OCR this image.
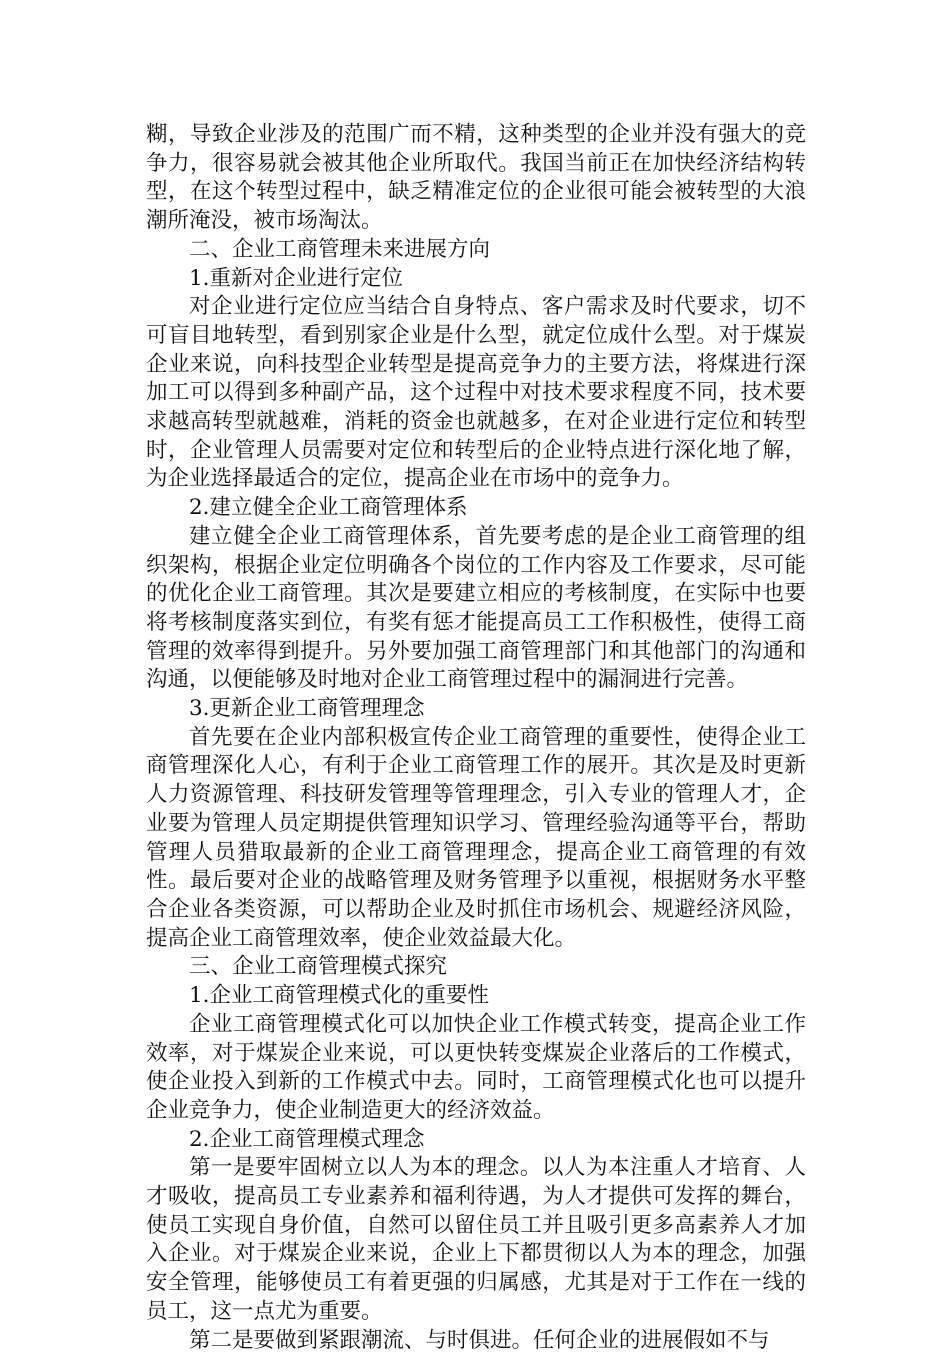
糊，导致企业涉及的范围广而不精，这种类型的企业并没有强大的竞争力，很容易就会被其他企业所取代。我国当前正在加快经济结构转型，在这个转型过程中，缺乏精准定位的企业很可能会被转型的大浪潮所淹没，被市场淘汰。

二、企业工商管理未来进展方向

1.重新对企业进行定位

对企业进行定位应当结合自身特点、客户需求及时代要求，切不可盲目地转型，看到别家企业是什么型，就定位成什么型。对于煤炭企业来说，向科技型企业转型是提高竞争力的主要方法，将煤进行深加工可以得到多种副产品，这个过程中对技术要求程度不同，技术要求越高转型就越难，消耗的资金也就越多，在对企业进行定位和转型时，企业管理人员需要对定位和转型后的企业特点进行深化地了解，为企业选择最适合的定位，提高企业在市场中的竞争力。

2.建立健全企业工商管理体系

建立健全企业工商管理体系，首先要考虑的是企业工商管理的组织架构，根据企业定位明确各个岗位的工作内容及工作要求，尽可能的优化企业工商管理。其次是要建立相应的考核制度，在实际中也要将考核制度落实到位，有奖有惩才能提高员工工作积极性，使得工商管理的效率得到提升。另外要加强工商管理部门和其他部门的沟通和沟通，以便能够及时地对企业工商管理过程中的漏洞进行完善。

3.更新企业工商管理理念

首先要在企业内部积极宣传企业工商管理的重要性，使得企业工商管理深化人心，有利于企业工商管理工作的展开。其次是及时更新人力资源管理、科技研发管理等管理理念，引入专业的管理人才，企业要为管理人员定期提供管理知识学习、管理经验沟通等平台，帮助管理人员猎取最新的企业工商管理理念，提高企业工商管理的有效性。最后要对企业的战略管理及财务管理予以重视，根据财务水平整合企业各类资源，可以帮助企业及时抓住市场机会、规避经济风险，提高企业工商管理效率，使企业效益最大化。

三、企业工商管理模式探究

1.企业工商管理模式化的重要性

企业工商管理模式化可以加快企业工作模式转变，提高企业工作效率，对于煤炭企业来说，可以更快转变煤炭企业落后的工作模式，使企业投入到新的工作模式中去。同时，工商管理模式化也可以提升企业竞争力，使企业制造更大的经济效益。

2.企业工商管理模式理念

第一是要牢固树立以人为本的理念。以人为本注重人才培育、人才吸收，提高员工专业素养和福利待遇，为人才提供可发挥的舞台，使员工实现自身价值，自然可以留住员工并且吸引更多高素养人才加入企业。对于煤炭企业来说，企业上下都贯彻以人为本的理念，加强安全管理，能够使员工有着更强的归属感，尤其是对于工作在一线的员工，这一点尤为重要。

第二是要做到紧跟潮流、与时俱进。任何企业的进展假如不与
